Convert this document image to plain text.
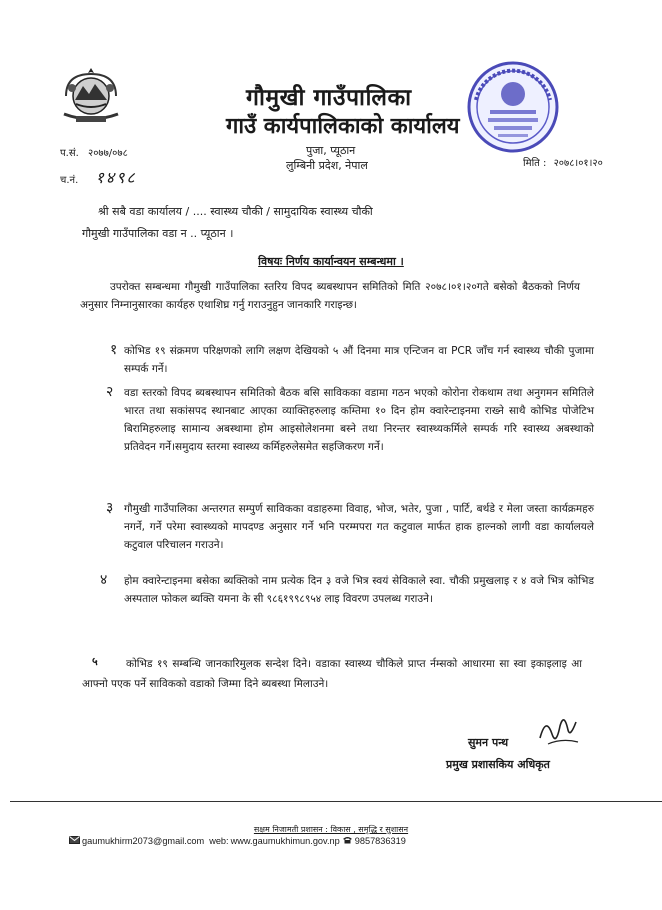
गौमुखी गाउँपालिका
गाउँ कार्यपालिकाको कार्यालय
पुजा, प्यूठान
लुम्बिनी प्रदेश, नेपाल
प.सं. २०७७/०७८
च.नं. १४९८
मिति : २०७८।०१।२०
श्री सबै वडा कार्यालय / .... स्वास्थ्य चौकी / सामुदायिक स्वास्थ्य चौकी
गौमुखी गाउँपालिका वडा न .. प्यूठान ।
विषयः निर्णय कार्यान्वयन सम्बन्धमा ।
उपरोक्त सम्बन्धमा गौमुखी गाउँपालिका स्तरिय विपद ब्यबस्थापन समितिको मिति २०७८।०१।२०गते बसेको बैठकको निर्णय अनुसार निम्नानुसारका कार्यहरु एथाशिघ्र गर्नु गराउनुहुन जानकारि गराइन्छ।
१ कोभिड १९ संक्रमण परिक्षणको लागि लक्षण देखियको ५ औं दिनमा मात्र एन्टिजन वा PCR जाँच गर्न स्वास्थ्य चौकी पुजामा सम्पर्क गर्ने।
२ वडा स्तरको विपद ब्यबस्थापन समितिको बैठक बसि साविकका वडामा गठन भएको कोरोना रोकथाम तथा अनुगमन समितिले भारत तथा सकांसपद स्थानबाट आएका व्याक्तिहरुलाइ कम्तिमा १० दिन होम क्वारेन्टाइनमा राख्ने साथै कोभिड पोजेटिभ बिरामिहरुलाइ सामान्य अबस्थामा होम आइसोलेशनमा बस्ने तथा निरन्तर स्वास्थ्यकर्मिले सम्पर्क गरि स्वास्थ्य अबस्थाको प्रतिवेदन गर्ने।समुदाय स्तरमा स्वास्थ्य कर्मिहरुलेसमेत सहजिकरण गर्ने।
३ गौमुखी गाउँपालिका अन्तरगत सम्पुर्ण साविकका वडाहरुमा विवाह, भोज, भतेर, पुजा , पार्टि, बर्थडे र मेला जस्ता कार्यक्रमहरु नगर्ने, गर्ने परेमा स्वास्थ्यको मापदण्ड अनुसार गर्ने भनि परम्मपरा गत कटुवाल मार्फत हाक हाल्नको लागी वडा कार्यालयले कटुवाल परिचालन गराउने।
४ होम क्वारेन्टाइनमा बसेका ब्यक्तिको नाम प्रत्येक दिन ३ वजे भित्र स्वयं सेविकाले स्वा. चौकी प्रमुखलाइ र ४ वजे भित्र कोभिड अस्पताल फोकल ब्यक्ति यमना के सी ९८६१९९८९५४ लाइ विवरण उपलब्ध गराउने।
५	कोभिड १९ सम्बन्धि जानकारिमुलक सन्देश दिने। वडाका स्वास्थ्य चौकिले प्राप्त र्नम्सको आधारमा सा स्वा इकाइलाइ आ आफ्नो पएक पर्ने साविकको वडाको जिम्मा दिने ब्यबस्था मिलाउने।
सुमन पन्थ
प्रमुख प्रशासकिय अधिकृत
सक्षम निजामती प्रशासन : विकास , समृद्धि र सुशासन
gaumukhirm2073@gmail.com web: www.gaumukhimun.gov.np 9857836319
